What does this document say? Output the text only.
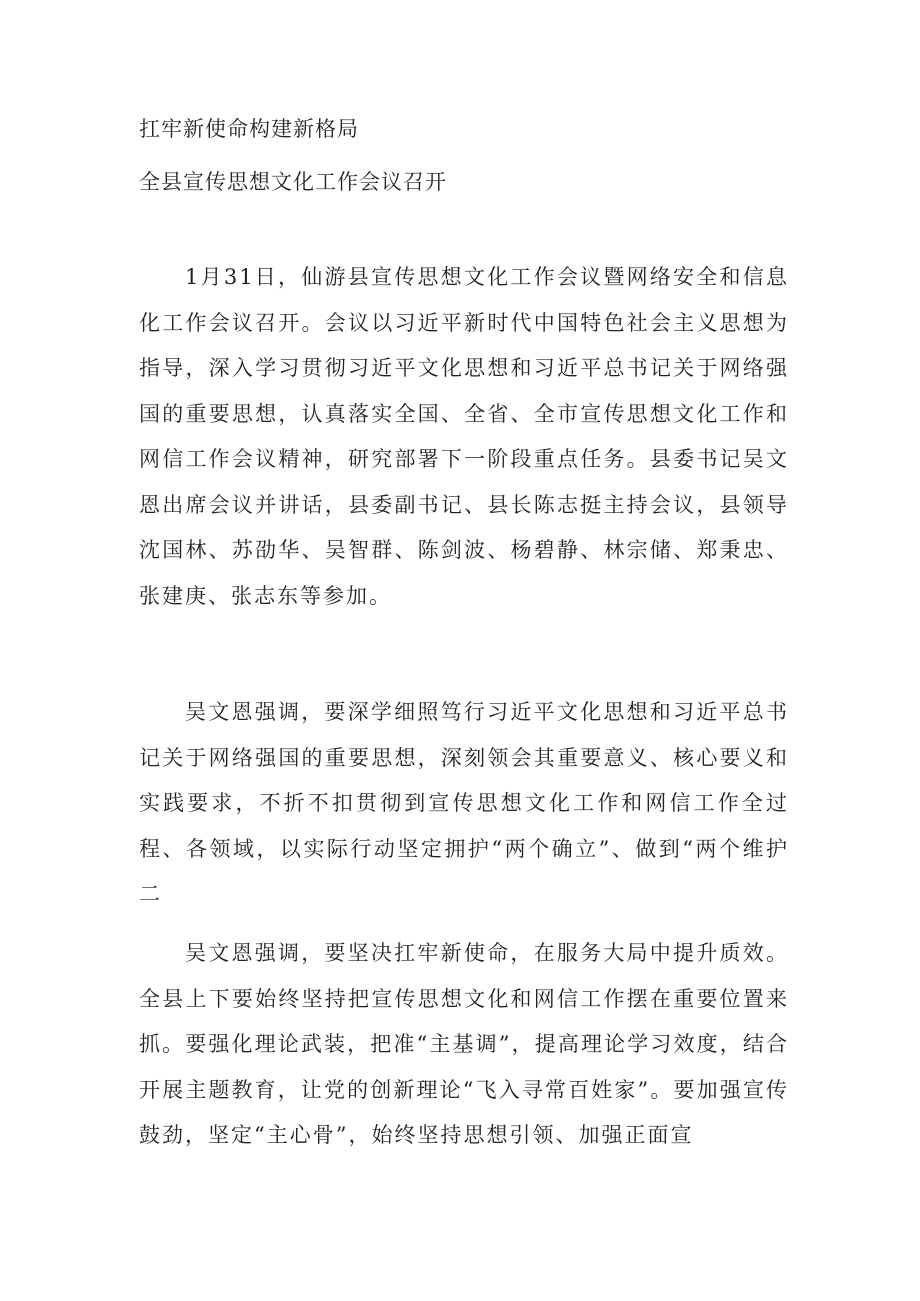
扛牢新使命构建新格局
全县宣传思想文化工作会议召开

1月31日，仙游县宣传思想文化工作会议暨网络安全和信息化工作会议召开。会议以习近平新时代中国特色社会主义思想为指导，深入学习贯彻习近平文化思想和习近平总书记关于网络强国的重要思想，认真落实全国、全省、全市宣传思想文化工作和网信工作会议精神，研究部署下一阶段重点任务。县委书记吴文恩出席会议并讲话，县委副书记、县长陈志挺主持会议，县领导沈国林、苏劭华、吴智群、陈剑波、杨碧静、林宗储、郑秉忠、张建庚、张志东等参加。

吴文恩强调，要深学细照笃行习近平文化思想和习近平总书记关于网络强国的重要思想，深刻领会其重要意义、核心要义和实践要求，不折不扣贯彻到宣传思想文化工作和网信工作全过程、各领域，以实际行动坚定拥护“两个确立”、做到“两个维护二

吴文恩强调，要坚决扛牢新使命，在服务大局中提升质效。全县上下要始终坚持把宣传思想文化和网信工作摆在重要位置来抓。要强化理论武装，把准“主基调”，提高理论学习效度，结合开展主题教育，让党的创新理论“飞入寻常百姓家”。要加强宣传鼓劲，坚定“主心骨”，始终坚持思想引领、加强正面宣
